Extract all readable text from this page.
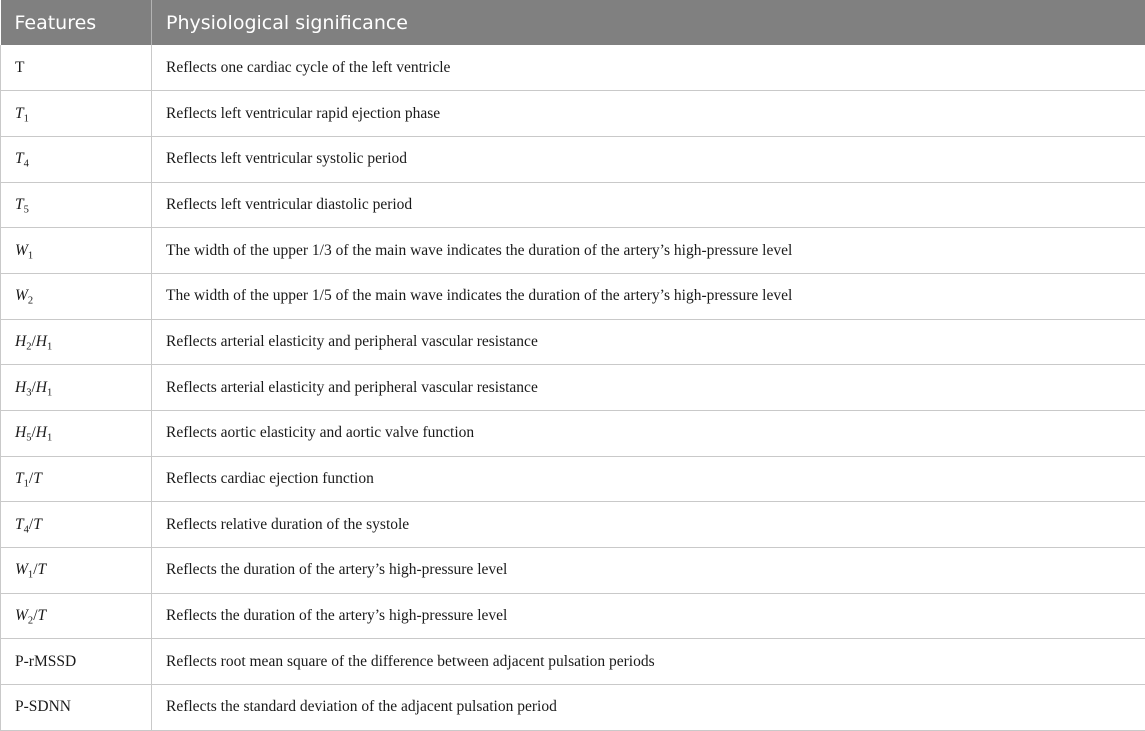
Features	Physiological significance
T	Reflects one cardiac cycle of the left ventricle
$T_1$	Reflects left ventricular rapid ejection phase
$T_4$	Reflects left ventricular systolic period
$T_5$	Reflects left ventricular diastolic period
$W_1$	The width of the upper 1/3 of the main wave indicates the duration of the artery’s high-pressure level
$W_2$	The width of the upper 1/5 of the main wave indicates the duration of the artery’s high-pressure level
$H_2/H_1$	Reflects arterial elasticity and peripheral vascular resistance
$H_3/H_1$	Reflects arterial elasticity and peripheral vascular resistance
$H_5/H_1$	Reflects aortic elasticity and aortic valve function
$T_1/T$	Reflects cardiac ejection function
$T_4/T$	Reflects relative duration of the systole
$W_1/T$	Reflects the duration of the artery’s high-pressure level
$W_2/T$	Reflects the duration of the artery’s high-pressure level
P-rMSSD	Reflects root mean square of the difference between adjacent pulsation periods
P-SDNN	Reflects the standard deviation of the adjacent pulsation period
